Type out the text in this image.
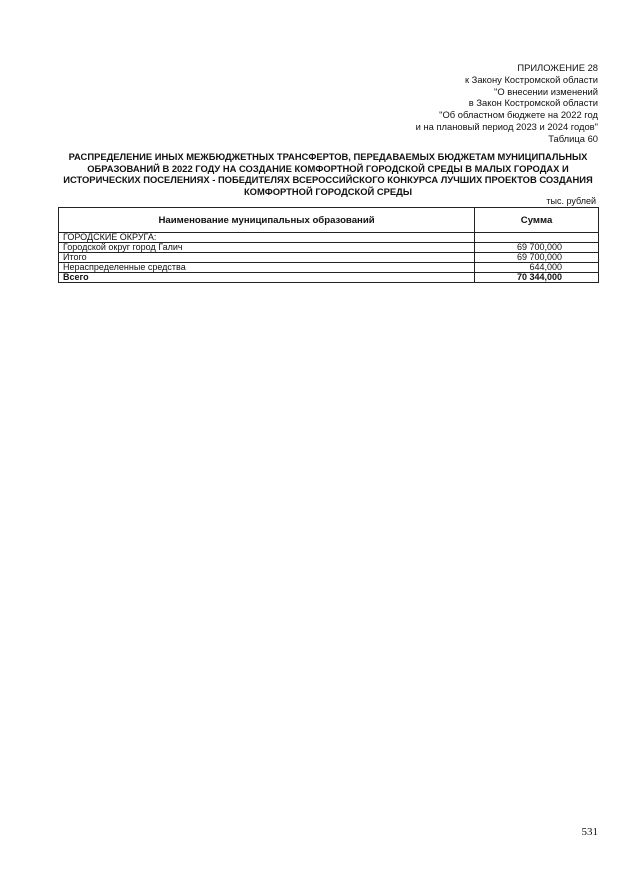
ПРИЛОЖЕНИЕ 28
к Закону Костромской области
"О внесении изменений
в Закон Костромской области
"Об областном бюджете на 2022 год
и на плановый период 2023 и 2024 годов"
Таблица 60
РАСПРЕДЕЛЕНИЕ ИНЫХ МЕЖБЮДЖЕТНЫХ ТРАНСФЕРТОВ, ПЕРЕДАВАЕМЫХ БЮДЖЕТАМ МУНИЦИПАЛЬНЫХ ОБРАЗОВАНИЙ В 2022 ГОДУ НА СОЗДАНИЕ КОМФОРТНОЙ ГОРОДСКОЙ СРЕДЫ В МАЛЫХ ГОРОДАХ И ИСТОРИЧЕСКИХ ПОСЕЛЕНИЯХ - ПОБЕДИТЕЛЯХ ВСЕРОССИЙСКОГО КОНКУРСА ЛУЧШИХ ПРОЕКТОВ СОЗДАНИЯ КОМФОРТНОЙ ГОРОДСКОЙ СРЕДЫ
тыс. рублей
Наименование муниципальных образований	Сумма
ГОРОДСКИЕ ОКРУГА:	
Городской округ город Галич	69 700,000
Итого	69 700,000
Нераспределенные средства	644,000
Всего	70 344,000
531
